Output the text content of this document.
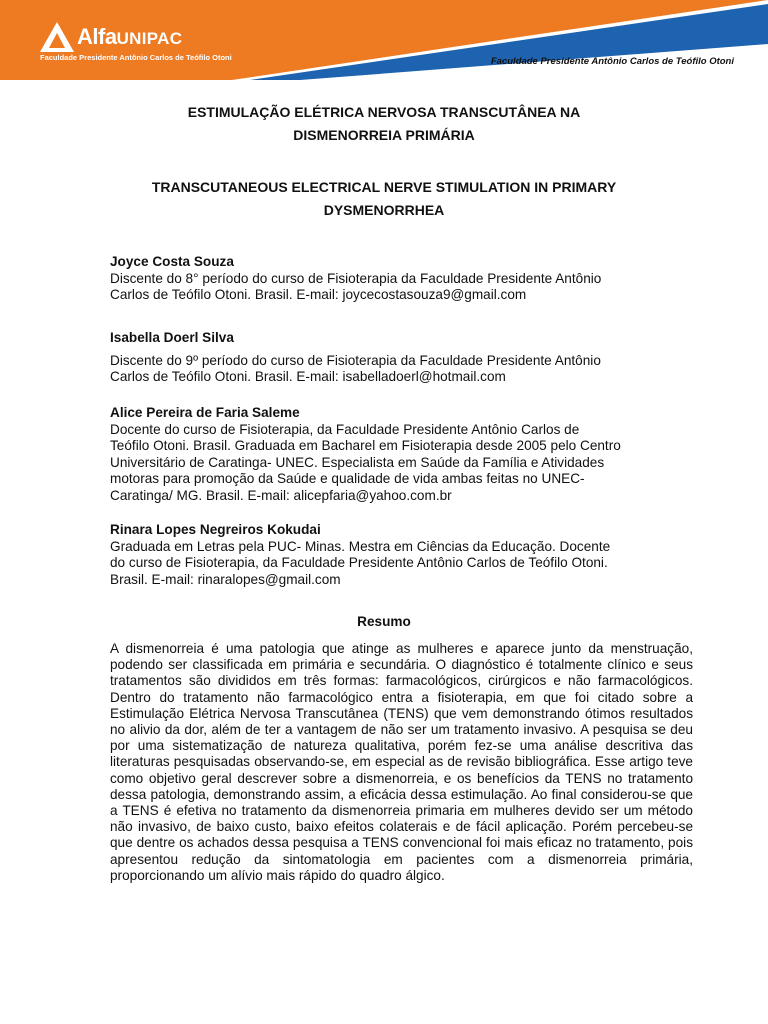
AlfaUNIPAC
Faculdade Presidente Antônio Carlos de Teófilo Otoni	Faculdade Presidente Antônio Carlos de Teófilo Otoni
ESTIMULAÇÃO ELÉTRICA NERVOSA TRANSCUTÂNEA NA
DISMENORREIA PRIMÁRIA
TRANSCUTANEOUS ELECTRICAL NERVE STIMULATION IN PRIMARY
DYSMENORRHEA
Joyce Costa Souza
Discente do 8° período do curso de Fisioterapia da Faculdade Presidente Antônio
Carlos de Teófilo Otoni. Brasil. E-mail: joycecostasouza9@gmail.com
Isabella Doerl Silva
Discente do 9º período do curso de Fisioterapia da Faculdade Presidente Antônio
Carlos de Teófilo Otoni. Brasil. E-mail: isabelladoerl@hotmail.com
Alice Pereira de Faria Saleme
Docente do curso de Fisioterapia, da Faculdade Presidente Antônio Carlos de
Teófilo Otoni. Brasil. Graduada em Bacharel em Fisioterapia desde 2005 pelo Centro
Universitário de Caratinga- UNEC. Especialista em Saúde da Família e Atividades
motoras para promoção da Saúde e qualidade de vida ambas feitas no UNEC-
Caratinga/ MG. Brasil. E-mail: alicepfaria@yahoo.com.br
Rinara Lopes Negreiros Kokudai
Graduada em Letras pela PUC- Minas. Mestra em Ciências da Educação. Docente
do curso de Fisioterapia, da Faculdade Presidente Antônio Carlos de Teófilo Otoni.
Brasil. E-mail: rinaralopes@gmail.com
Resumo
A dismenorreia é uma patologia que atinge as mulheres e aparece junto da menstruação, podendo ser classificada em primária e secundária. O diagnóstico é totalmente clínico e seus tratamentos são divididos em três formas: farmacológicos, cirúrgicos e não farmacológicos. Dentro do tratamento não farmacológico entra a fisioterapia, em que foi citado sobre a Estimulação Elétrica Nervosa Transcutânea (TENS) que vem demonstrando ótimos resultados no alivio da dor, além de ter a vantagem de não ser um tratamento invasivo. A pesquisa se deu por uma sistematização de natureza qualitativa, porém fez-se uma análise descritiva das literaturas pesquisadas observando-se, em especial as de revisão bibliográfica. Esse artigo teve como objetivo geral descrever sobre a dismenorreia, e os benefícios da TENS no tratamento dessa patologia, demonstrando assim, a eficácia dessa estimulação. Ao final considerou-se que a TENS é efetiva no tratamento da dismenorreia primaria em mulheres devido ser um método não invasivo, de baixo custo, baixo efeitos colaterais e de fácil aplicação. Porém percebeu-se que dentre os achados dessa pesquisa a TENS convencional foi mais eficaz no tratamento, pois apresentou redução da sintomatologia em pacientes com a dismenorreia primária, proporcionando um alívio mais rápido do quadro álgico.
